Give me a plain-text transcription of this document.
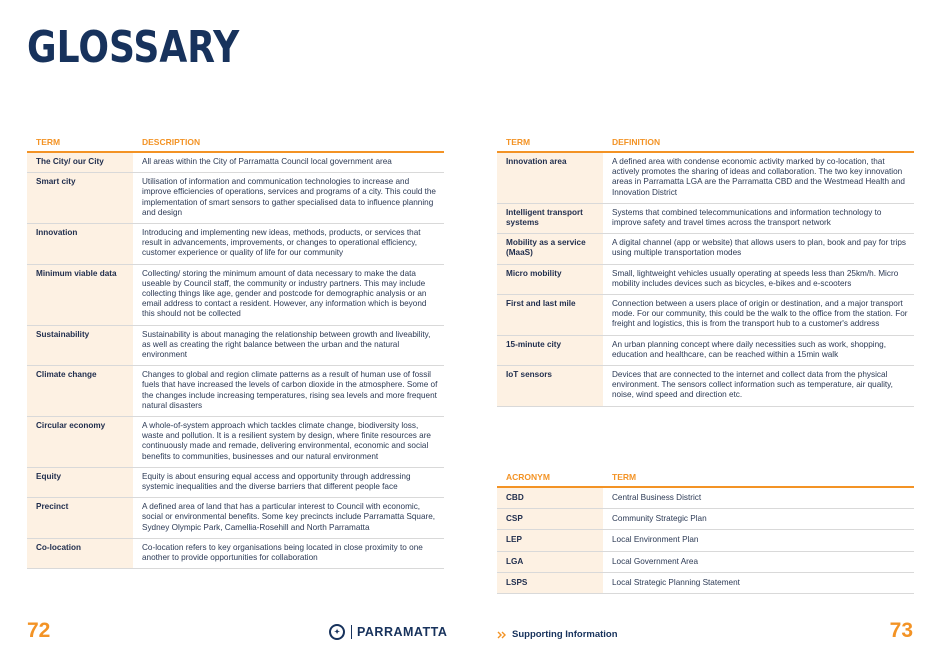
GLOSSARY
TERM	DESCRIPTION
The City/ our City	All areas within the City of Parramatta Council local government area
Smart city	Utilisation of information and communication technologies to increase and improve efficiencies of operations, services and programs of a city. This could the implementation of smart sensors to gather specialised data to influence planning and design
Innovation	Introducing and implementing new ideas, methods, products, or services that result in advancements, improvements, or changes to operational efficiency, customer experience or quality of life for our community
Minimum viable data	Collecting/ storing the minimum amount of data necessary to make the data useable by Council staff, the community or industry partners. This may include collecting things like age, gender and postcode for demographic analysis or an email address to contact a resident. However, any information which is beyond this should not be collected
Sustainability	Sustainability is about managing the relationship between growth and liveability, as well as creating the right balance between the urban and the natural environment
Climate change	Changes to global and region climate patterns as a result of human use of fossil fuels that have increased the levels of carbon dioxide in the atmosphere. Some of the changes include increasing temperatures, rising sea levels and more frequent natural disasters
Circular economy	A whole-of-system approach which tackles climate change, biodiversity loss, waste and pollution. It is a resilient system by design, where finite resources are continuously made and remade, delivering environmental, economic and social benefits to communities, businesses and our natural environment
Equity	Equity is about ensuring equal access and opportunity through addressing systemic inequalities and the diverse barriers that different people face
Precinct	A defined area of land that has a particular interest to Council with economic, social or environmental benefits. Some key precincts include Parramatta Square, Sydney Olympic Park, Camellia-Rosehill and North Parramatta
Co-location	Co-location refers to key organisations being located in close proximity to one another to provide opportunities for collaboration
TERM	DEFINITION
Innovation area	A defined area with condense economic activity marked by co-location, that actively promotes the sharing of ideas and collaboration. The two key innovation areas in Parramatta LGA are the Parramatta CBD and the Westmead Health and Innovation District
Intelligent transport systems	Systems that combined telecommunications and information technology to improve safety and travel times across the transport network
Mobility as a service (MaaS)	A digital channel (app or website) that allows users to plan, book and pay for trips using multiple transportation modes
Micro mobility	Small, lightweight vehicles usually operating at speeds less than 25km/h. Micro mobility includes devices such as bicycles, e-bikes and e-scooters
First and last mile	Connection between a users place of origin or destination, and a major transport mode. For our community, this could be the walk to the office from the station. For freight and logistics, this is from the transport hub to a customer's address
15-minute city	An urban planning concept where daily necessities such as work, shopping, education and healthcare, can be reached within a 15min walk
IoT sensors	Devices that are connected to the internet and collect data from the physical environment. The sensors collect information such as temperature, air quality, noise, wind speed and direction etc.
ACRONYM	TERM
CBD	Central Business District
CSP	Community Strategic Plan
LEP	Local Environment Plan
LGA	Local Government Area
LSPS	Local Strategic Planning Statement
72	✦	PARRAMATTA	Supporting Information	73
